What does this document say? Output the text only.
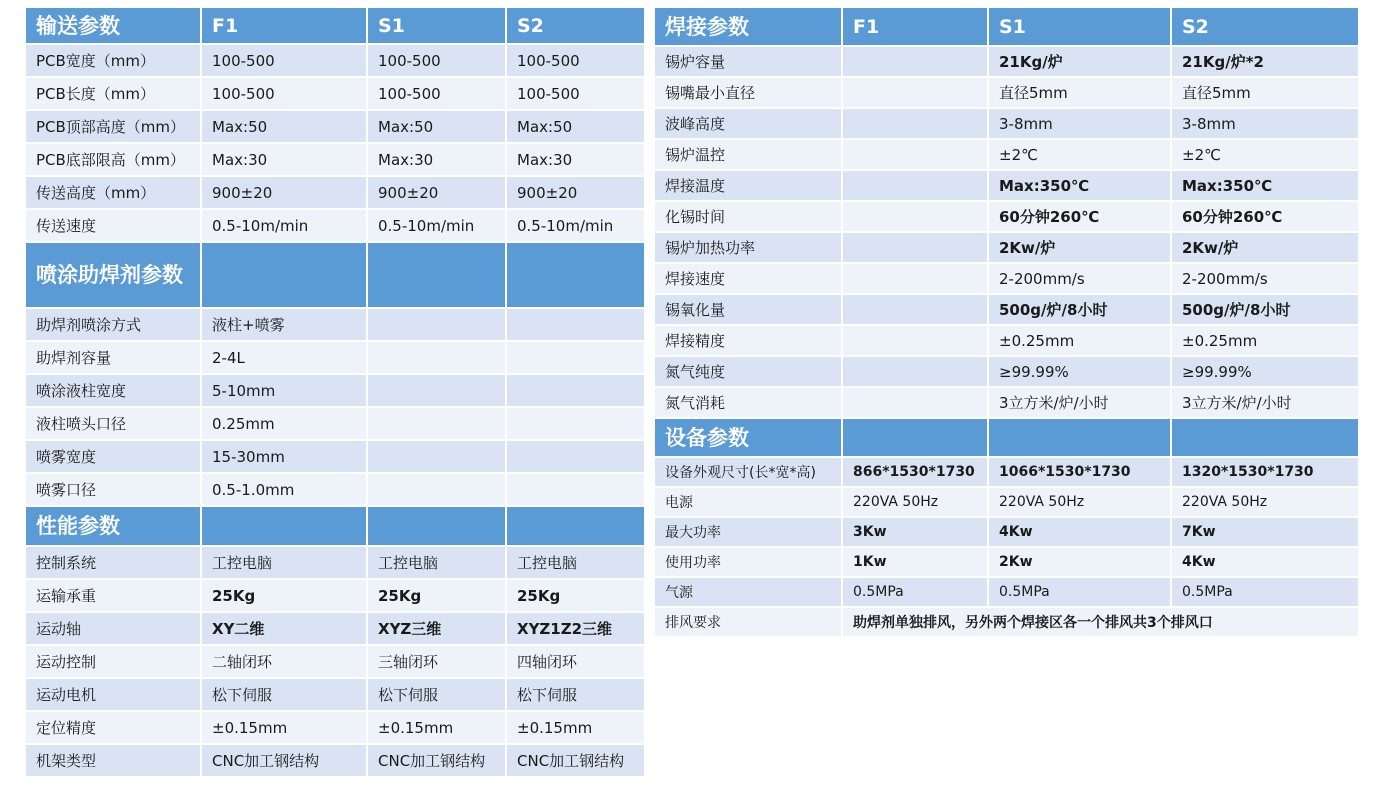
输送参数	F1	S1	S2
PCB宽度（mm）	100-500	100-500	100-500
PCB长度（mm）	100-500	100-500	100-500
PCB顶部高度（mm）	Max:50	Max:50	Max:50
PCB底部限高（mm）	Max:30	Max:30	Max:30
传送高度（mm）	900±20	900±20	900±20
传送速度	0.5-10m/min	0.5-10m/min	0.5-10m/min
喷涂助焊剂参数			
助焊剂喷涂方式	液柱+喷雾		
助焊剂容量	2-4L		
喷涂液柱宽度	5-10mm		
液柱喷头口径	0.25mm		
喷雾宽度	15-30mm		
喷雾口径	0.5-1.0mm		
性能参数			
控制系统	工控电脑	工控电脑	工控电脑
运输承重	25Kg	25Kg	25Kg
运动轴	XY二维	XYZ三维	XYZ1Z2三维
运动控制	二轴闭环	三轴闭环	四轴闭环
运动电机	松下伺服	松下伺服	松下伺服
定位精度	±0.15mm	±0.15mm	±0.15mm
机架类型	CNC加工钢结构	CNC加工钢结构	CNC加工钢结构
焊接参数	F1	S1	S2
锡炉容量		21Kg/炉	21Kg/炉*2
锡嘴最小直径		直径5mm	直径5mm
波峰高度		3-8mm	3-8mm
锡炉温控		±2℃	±2℃
焊接温度		Max:350℃	Max:350℃
化锡时间		60分钟260℃	60分钟260℃
锡炉加热功率		2Kw/炉	2Kw/炉
焊接速度		2-200mm/s	2-200mm/s
锡氧化量		500g/炉/8小时	500g/炉/8小时
焊接精度		±0.25mm	±0.25mm
氮气纯度		≥99.99%	≥99.99%
氮气消耗		3立方米/炉/小时	3立方米/炉/小时
设备参数			
设备外观尺寸(长*宽*高)	866*1530*1730	1066*1530*1730	1320*1530*1730
电源	220VA 50Hz	220VA 50Hz	220VA 50Hz
最大功率	3Kw	4Kw	7Kw
使用功率	1Kw	2Kw	4Kw
气源	0.5MPa	0.5MPa	0.5MPa
排风要求	助焊剂单独排风，另外两个焊接区各一个排风共3个排风口		
